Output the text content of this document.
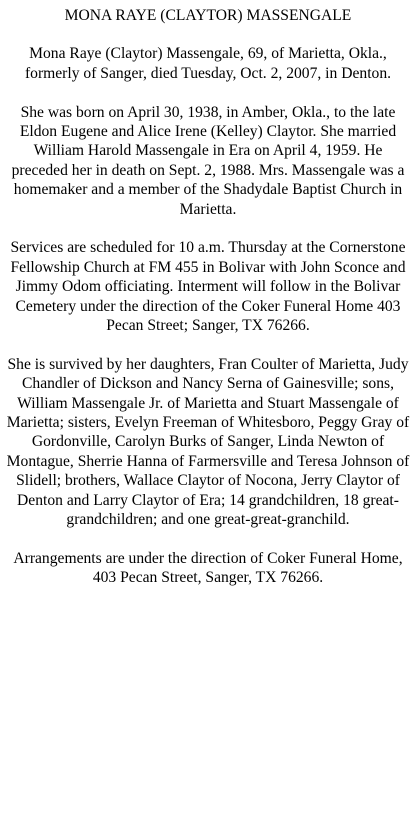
MONA RAYE (CLAYTOR) MASSENGALE

Mona Raye (Claytor) Massengale, 69, of Marietta, Okla., formerly of Sanger, died Tuesday, Oct. 2, 2007, in Denton.

She was born on April 30, 1938, in Amber, Okla., to the late Eldon Eugene and Alice Irene (Kelley) Claytor. She married William Harold Massengale in Era on April 4, 1959. He preceded her in death on Sept. 2, 1988. Mrs. Massengale was a homemaker and a member of the Shadydale Baptist Church in Marietta.

Services are scheduled for 10 a.m. Thursday at the Cornerstone Fellowship Church at FM 455 in Bolivar with John Sconce and Jimmy Odom officiating. Interment will follow in the Bolivar Cemetery under the direction of the Coker Funeral Home 403 Pecan Street; Sanger, TX 76266.

She is survived by her daughters, Fran Coulter of Marietta, Judy Chandler of Dickson and Nancy Serna of Gainesville; sons, William Massengale Jr. of Marietta and Stuart Massengale of Marietta; sisters, Evelyn Freeman of Whitesboro, Peggy Gray of Gordonville, Carolyn Burks of Sanger, Linda Newton of Montague, Sherrie Hanna of Farmersville and Teresa Johnson of Slidell; brothers, Wallace Claytor of Nocona, Jerry Claytor of Denton and Larry Claytor of Era; 14 grandchildren, 18 great-grandchildren; and one great-great-granchild.

Arrangements are under the direction of Coker Funeral Home, 403 Pecan Street, Sanger, TX 76266.
